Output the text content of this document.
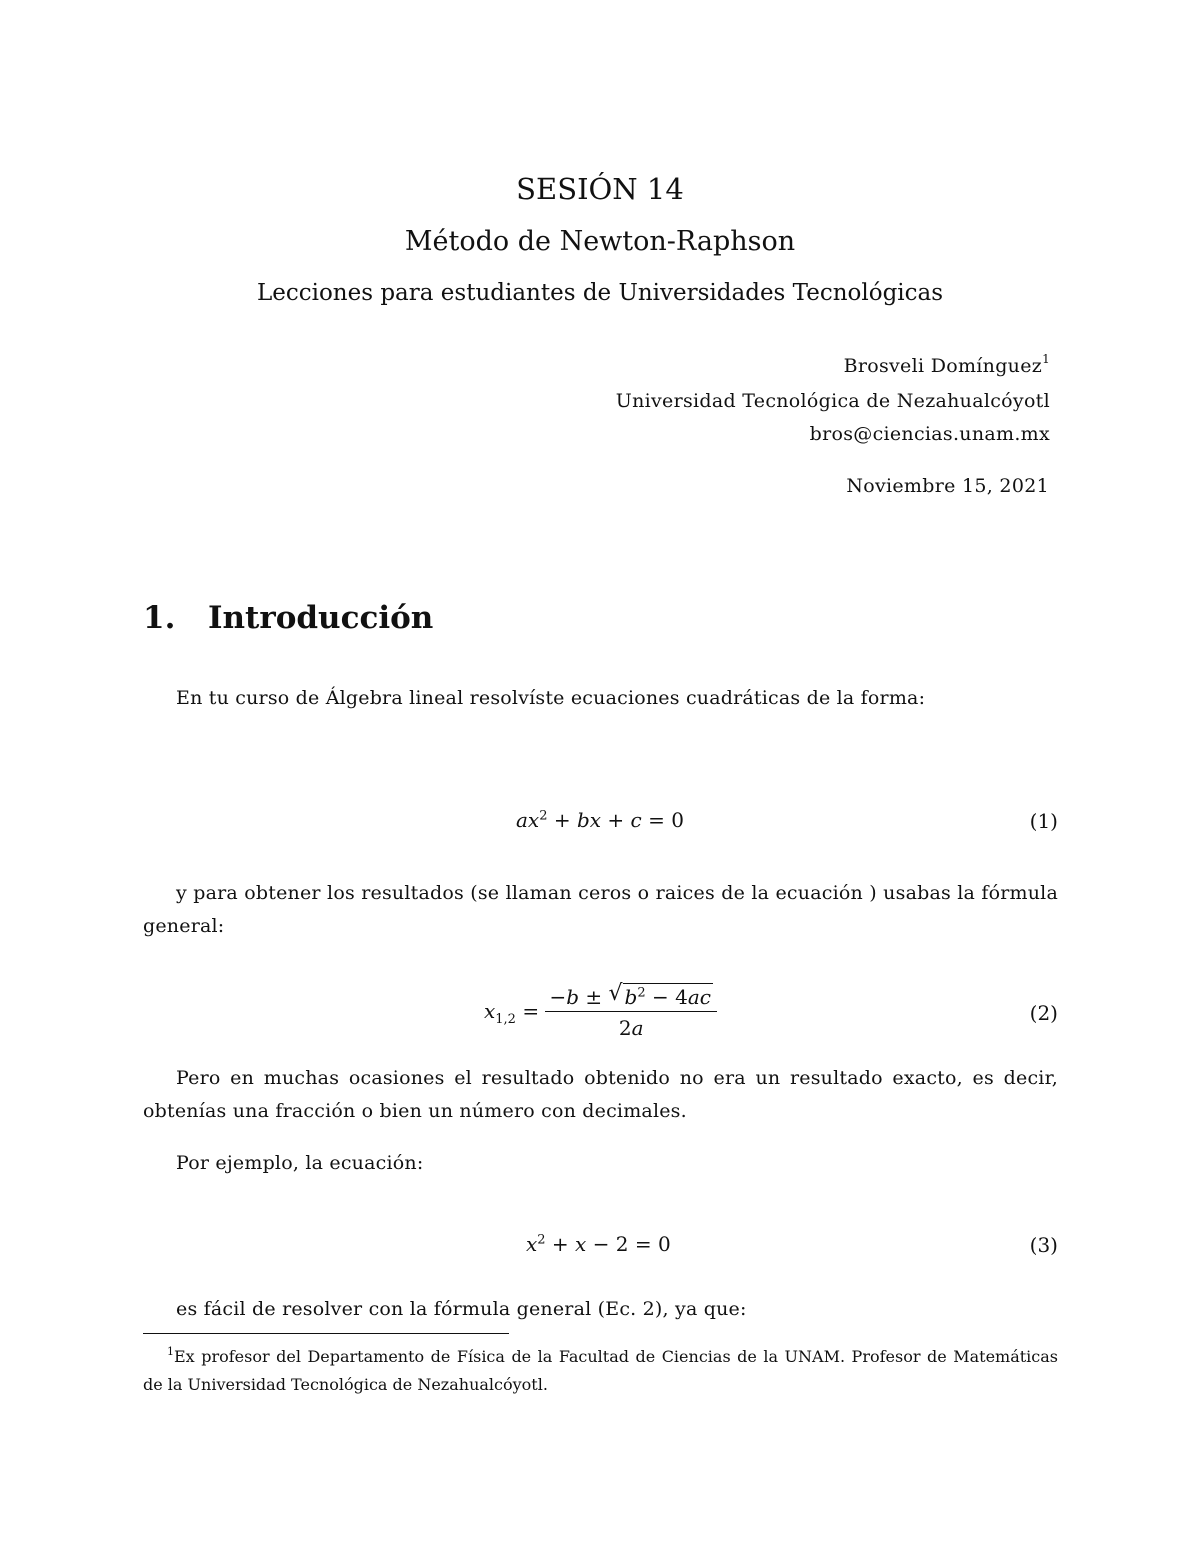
SESIÓN 14
Método de Newton-Raphson
Lecciones para estudiantes de Universidades Tecnológicas
Brosveli Domínguez$^1$
Universidad Tecnológica de Nezahualcóyotl
bros@ciencias.unam.mx
Noviembre 15, 2021
1. Introducción
En tu curso de Álgebra lineal resolvíste ecuaciones cuadráticas de la forma:
$ax^2$ + bx + c = 0	(1)
y para obtener los resultados (se llaman ceros o raices de la ecuación ) usabas la fórmula general:
$x_{1,2} = \frac{-b \pm √ b^2 - 4ac}{2a}$	(2)
Pero en muchas ocasiones el resultado obtenido no era un resultado exacto, es decir, obtenías una fracción o bien un número con decimales.
Por ejemplo, la ecuación:
$x^2 + x - 2 = 0$	(3)
es fácil de resolver con la fórmula general (Ec. 2), ya que:
$^1$Ex profesor del Departamento de Física de la Facultad de Ciencias de la UNAM. Profesor de Matemáticas de la Universidad Tecnológica de Nezahualcóyotl.
